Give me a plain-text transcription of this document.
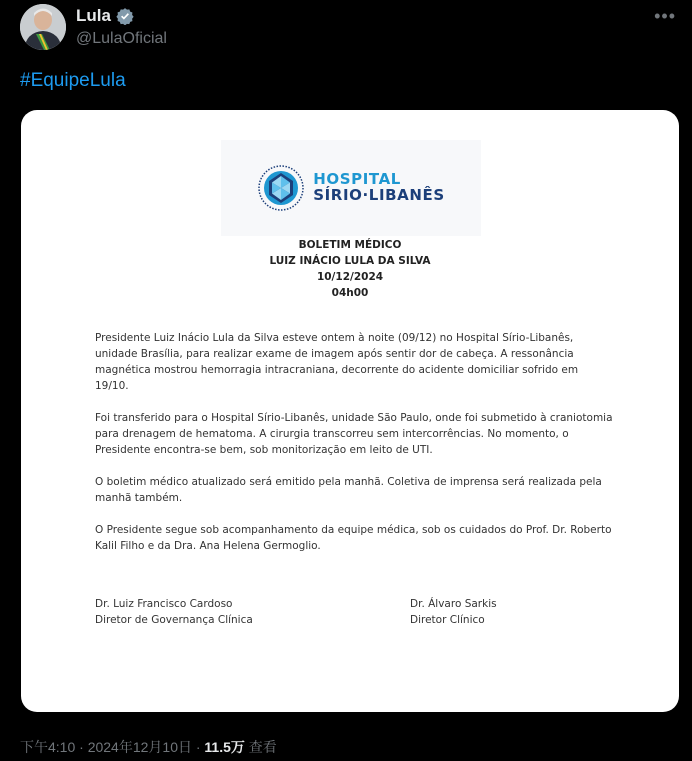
Lula
@LulaOficial
•••
#EquipeLula
HOSPITAL
SÍRIO·LIBANÊS
BOLETIM MÉDICO
LUIZ INÁCIO LULA DA SILVA
10/12/2024
04h00

Presidente Luiz Inácio Lula da Silva esteve ontem à noite (09/12) no Hospital Sírio-Libanês, unidade Brasília, para realizar exame de imagem após sentir dor de cabeça. A ressonância magnética mostrou hemorragia intracraniana, decorrente do acidente domiciliar sofrido em 19/10.

Foi transferido para o Hospital Sírio-Libanês, unidade São Paulo, onde foi submetido à craniotomia para drenagem de hematoma. A cirurgia transcorreu sem intercorrências. No momento, o Presidente encontra-se bem, sob monitorização em leito de UTI.

O boletim médico atualizado será emitido pela manhã. Coletiva de imprensa será realizada pela manhã também.

O Presidente segue sob acompanhamento da equipe médica, sob os cuidados do Prof. Dr. Roberto Kalil Filho e da Dra. Ana Helena Germoglio.

Dr. Luiz Francisco Cardoso
Diretor de Governança Clínica
Dr. Álvaro Sarkis
Diretor Clínico
下午4:10 · 2024年12月10日 · 11.5万 查看
